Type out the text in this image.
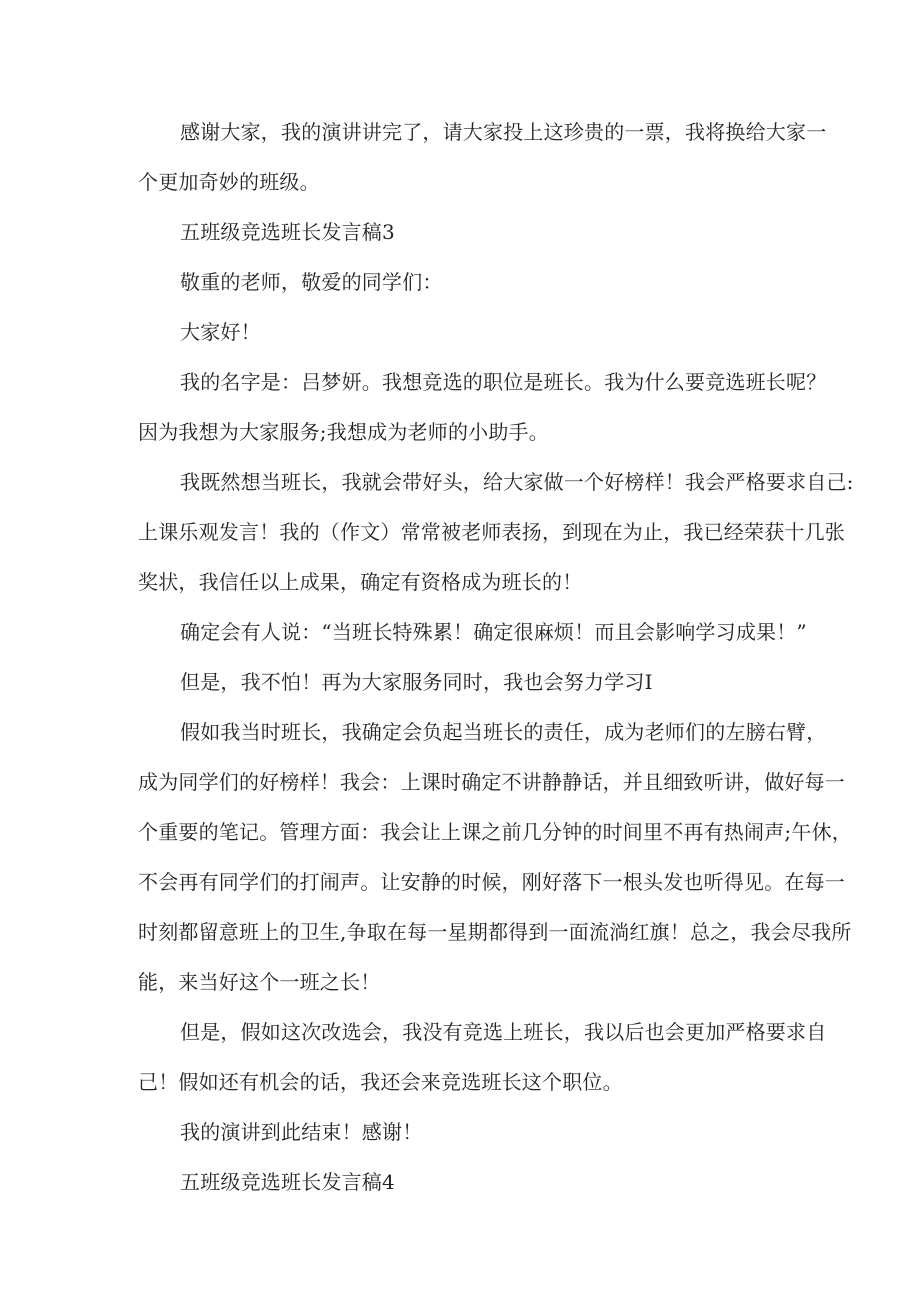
感谢大家，我的演讲讲完了，请大家投上这珍贵的一票，我将换给大家一

个更加奇妙的班级。

五班级竞选班长发言稿3

敬重的老师，敬爱的同学们：

大家好！

我的名字是：吕梦妍。我想竞选的职位是班长。我为什么要竞选班长呢？

因为我想为大家服务;我想成为老师的小助手。

我既然想当班长，我就会带好头，给大家做一个好榜样！我会严格要求自己:

上课乐观发言！我的（作文）常常被老师表扬，到现在为止，我已经荣获十几张

奖状，我信任以上成果，确定有资格成为班长的！

确定会有人说：“当班长特殊累！确定很麻烦！而且会影响学习成果！”

但是，我不怕！再为大家服务同时，我也会努力学习I

假如我当时班长，我确定会负起当班长的责任，成为老师们的左膀右臂，

成为同学们的好榜样！我会：上课时确定不讲静静话，并且细致听讲，做好每一

个重要的笔记。管理方面：我会让上课之前几分钟的时间里不再有热闹声;午休，

不会再有同学们的打闹声。让安静的时候，刚好落下一根头发也听得见。在每一

时刻都留意班上的卫生,争取在每一星期都得到一面流淌红旗！总之，我会尽我所

能，来当好这个一班之长！

但是，假如这次改选会，我没有竞选上班长，我以后也会更加严格要求自

己！假如还有机会的话，我还会来竞选班长这个职位。

我的演讲到此结束！感谢！

五班级竞选班长发言稿4
